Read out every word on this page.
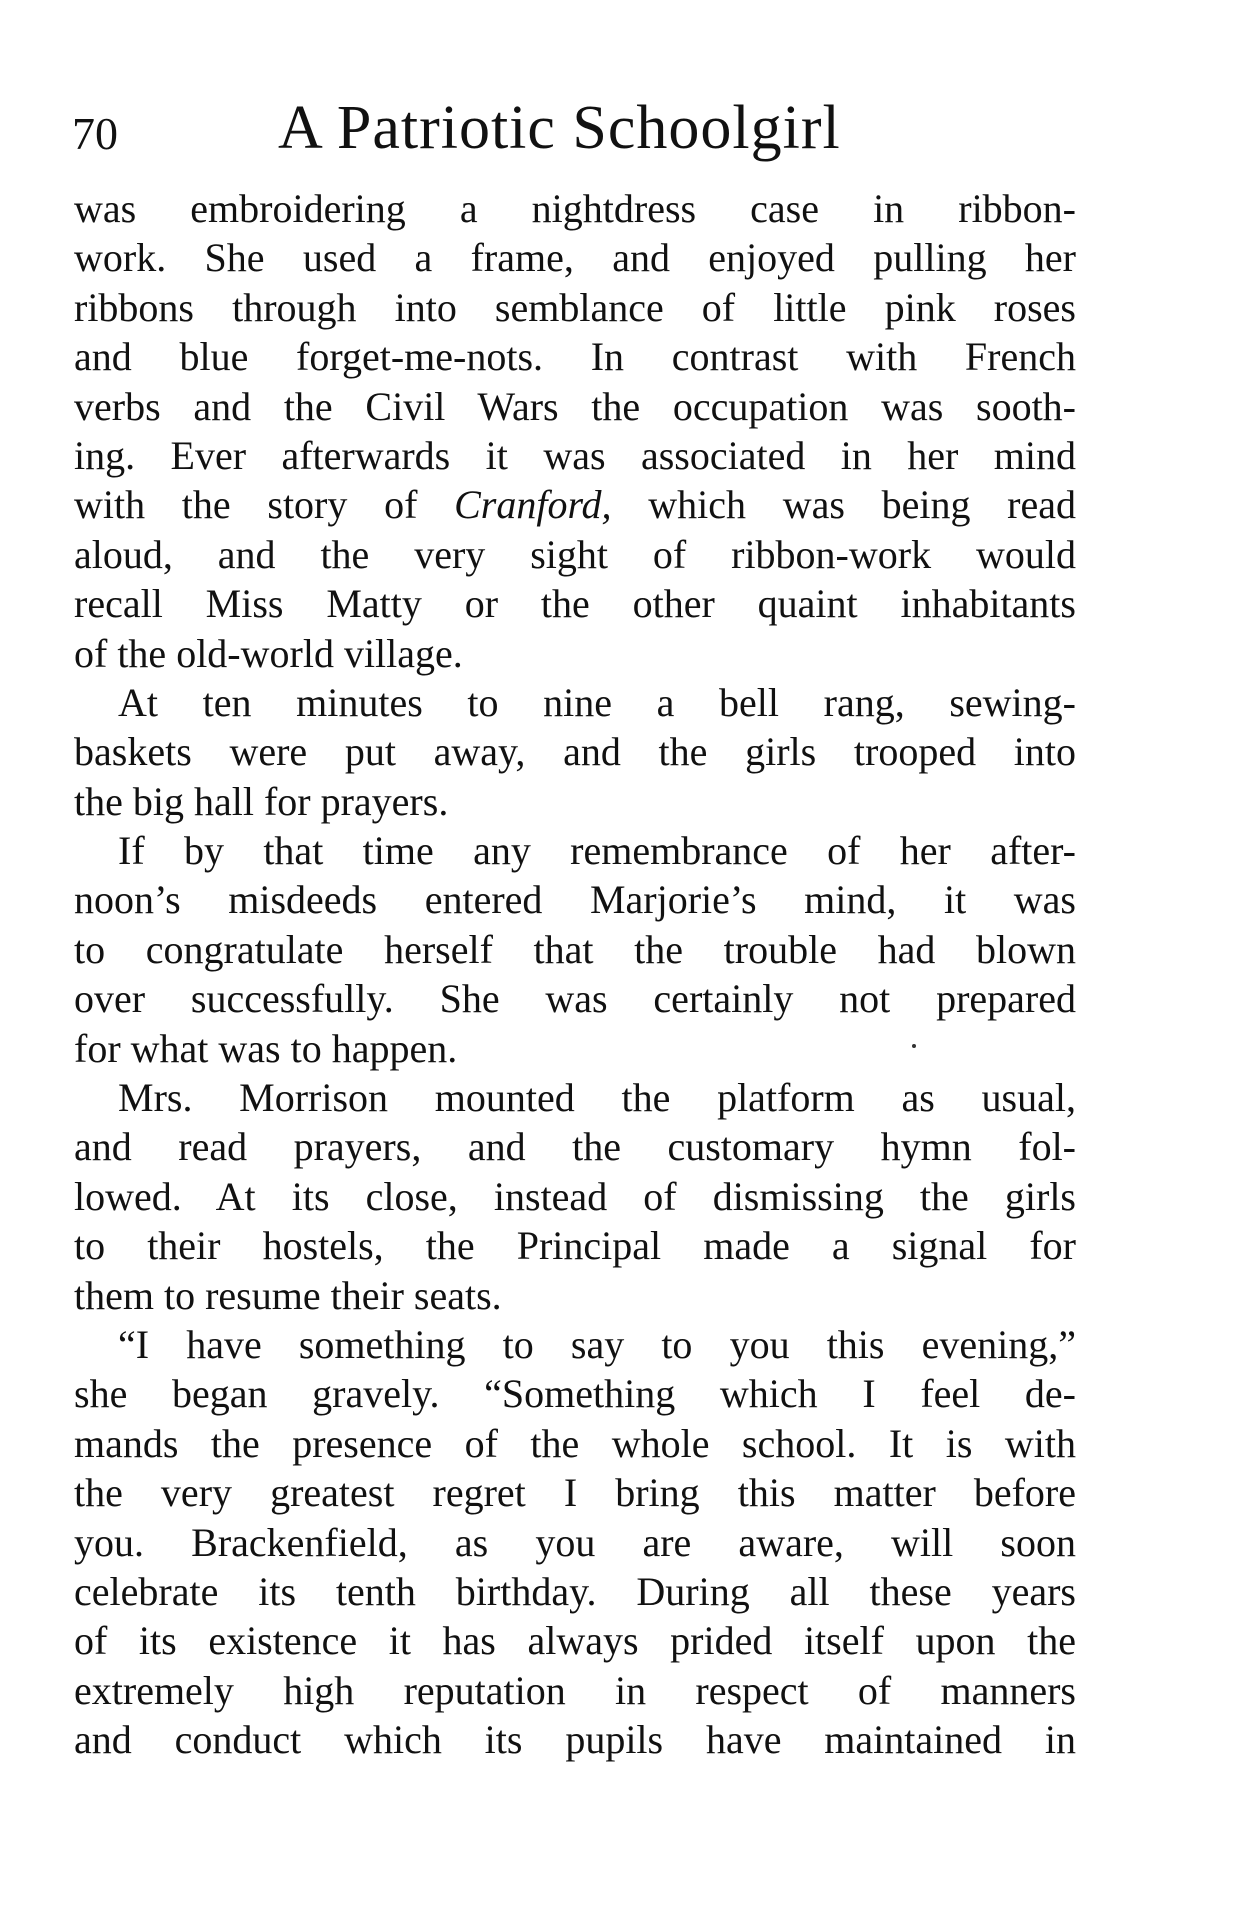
70	A Patriotic Schoolgirl
was embroidering a nightdress case in ribbon-
work. She used a frame, and enjoyed pulling her
ribbons through into semblance of little pink roses
and blue forget-me-nots. In contrast with French
verbs and the Civil Wars the occupation was sooth-
ing. Ever afterwards it was associated in her mind
with the story of Cranford, which was being read
aloud, and the very sight of ribbon-work would
recall Miss Matty or the other quaint inhabitants
of the old-world village.
At ten minutes to nine a bell rang, sewing-
baskets were put away, and the girls trooped into
the big hall for prayers.
If by that time any remembrance of her after-
noon’s misdeeds entered Marjorie’s mind, it was
to congratulate herself that the trouble had blown
over successfully. She was certainly not prepared
for what was to happen.
Mrs. Morrison mounted the platform as usual,
and read prayers, and the customary hymn fol-
lowed. At its close, instead of dismissing the girls
to their hostels, the Principal made a signal for
them to resume their seats.
“I have something to say to you this evening,”
she began gravely. “Something which I feel de-
mands the presence of the whole school. It is with
the very greatest regret I bring this matter before
you. Brackenfield, as you are aware, will soon
celebrate its tenth birthday. During all these years
of its existence it has always prided itself upon the
extremely high reputation in respect of manners
and conduct which its pupils have maintained in
